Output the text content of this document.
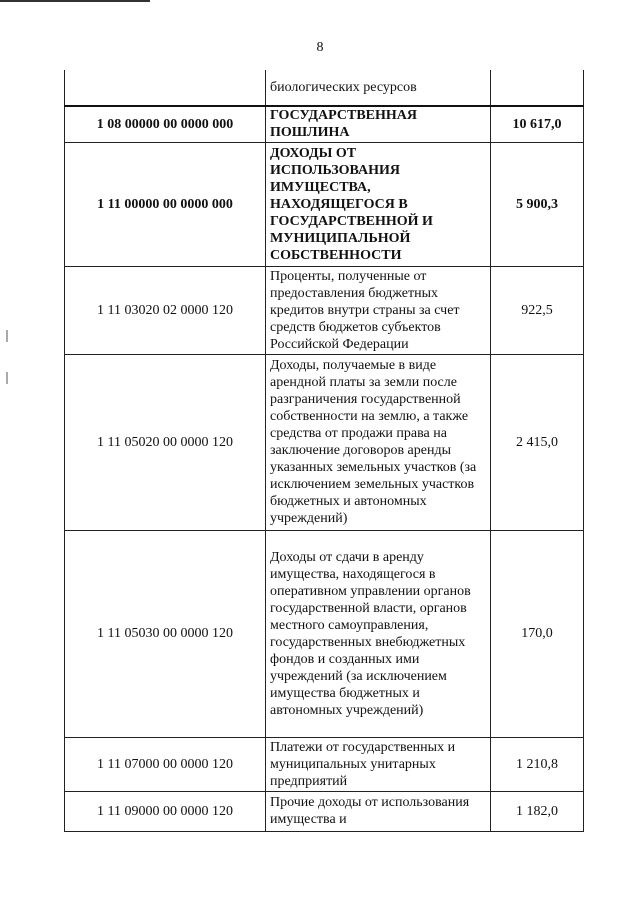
8
	биологических ресурсов	
1 08 00000 00 0000 000	ГОСУДАРСТВЕННАЯ ПОШЛИНА	10 617,0
1 11 00000 00 0000 000	ДОХОДЫ ОТ ИСПОЛЬЗОВАНИЯ ИМУЩЕСТВА, НАХОДЯЩЕГОСЯ В ГОСУДАРСТВЕННОЙ И МУНИЦИПАЛЬНОЙ СОБСТВЕННОСТИ	5 900,3
1 11 03020 02 0000 120	Проценты, полученные от предоставления бюджетных кредитов внутри страны за счет средств бюджетов субъектов Российской Федерации	922,5
1 11 05020 00 0000 120	Доходы, получаемые в виде арендной платы за земли после разграничения государственной собственности на землю, а также средства от продажи права на заключение договоров аренды указанных земельных участков (за исключением земельных участков бюджетных и автономных учреждений)	2 415,0
1 11 05030 00 0000 120	Доходы от сдачи в аренду имущества, находящегося в оперативном управлении органов государственной власти, органов местного самоуправления, государственных внебюджетных фондов и созданных ими учреждений (за исключением имущества бюджетных и автономных учреждений)	170,0
1 11 07000 00 0000 120	Платежи от государственных и муниципальных унитарных предприятий	1 210,8
1 11 09000 00 0000 120	Прочие доходы от использования имущества и	1 182,0
